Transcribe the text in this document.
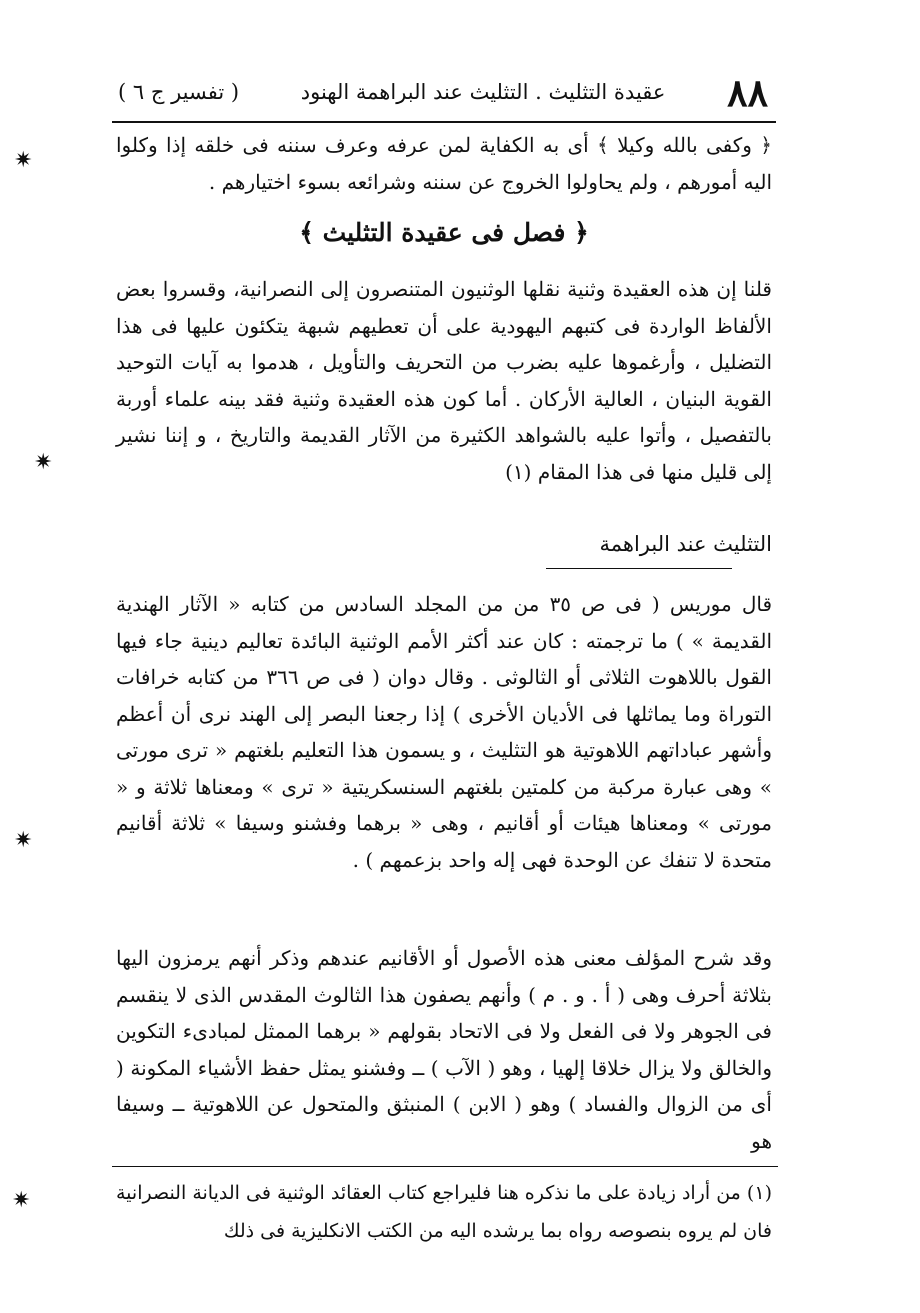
٨٨
عقيدة التثليث . التثليث عند البراهمة الهنود
( تفسير ج ٦ )

﴿ وكفى بالله وكيلا ﴾ أى به الكفاية لمن عرفه وعرف سننه فى خلقه إذا وكلوا اليه أمورهم ، ولم يحاولوا الخروج عن سننه وشرائعه بسوء اختيارهم .

﴿ فصل فى عقيدة التثليث ﴾

قلنا إن هذه العقيدة وثنية نقلها الوثنيون المتنصرون إلى النصرانية، وقسروا بعض الألفاظ الواردة فى كتبهم اليهودية على أن تعطيهم شبهة يتكئون عليها فى هذا التضليل ، وأرغموها عليه بضرب من التحريف والتأويل ، هدموا به آيات التوحيد القوية البنيان ، العالية الأركان . أما كون هذه العقيدة وثنية فقد بينه علماء أوربة بالتفصيل ، وأتوا عليه بالشواهد الكثيرة من الآثار القديمة والتاريخ ، و إننا نشير إلى قليل منها فى هذا المقام (١)

التثليث عند البراهمة

قال موريس ( فى ص ٣٥ من من المجلد السادس من كتابه « الآثار الهندية القديمة » ) ما ترجمته : كان عند أكثر الأمم الوثنية البائدة تعاليم دينية جاء فيها القول باللاهوت الثلاثى أو الثالوثى . وقال دوان ( فى ص ٣٦٦ من كتابه خرافات التوراة وما يماثلها فى الأديان الأخرى ) إذا رجعنا البصر إلى الهند نرى أن أعظم وأشهر عباداتهم اللاهوتية هو التثليث ، و يسمون هذا التعليم بلغتهم « ترى مورتى » وهى عبارة مركبة من كلمتين بلغتهم السنسكريتية « ترى » ومعناها ثلاثة و « مورتى » ومعناها هيئات أو أقانيم ، وهى « برهما وفشنو وسيفا » ثلاثة أقانيم متحدة لا تنفك عن الوحدة فهى إله واحد بزعمهم ) .

وقد شرح المؤلف معنى هذه الأصول أو الأقانيم عندهم وذكر أنهم يرمزون اليها بثلاثة أحرف وهى ( أ . و . م ) وأنهم يصفون هذا الثالوث المقدس الذى لا ينقسم فى الجوهر ولا فى الفعل ولا فى الاتحاد بقولهم « برهما الممثل لمبادىء التكوين والخالق ولا يزال خلاقا إلهيا ، وهو ( الآب ) ــ وفشنو يمثل حفظ الأشياء المكونة ( أى من الزوال والفساد ) وهو ( الابن ) المنبثق والمتحول عن اللاهوتية ــ وسيفا هو

(١) من أراد زيادة على ما نذكره هنا فليراجع كتاب العقائد الوثنية فى الديانة النصرانية فان لم يروه بنصوصه رواه بما يرشده اليه من الكتب الانكليزية فى ذلك

✷
✷
✷
✷
